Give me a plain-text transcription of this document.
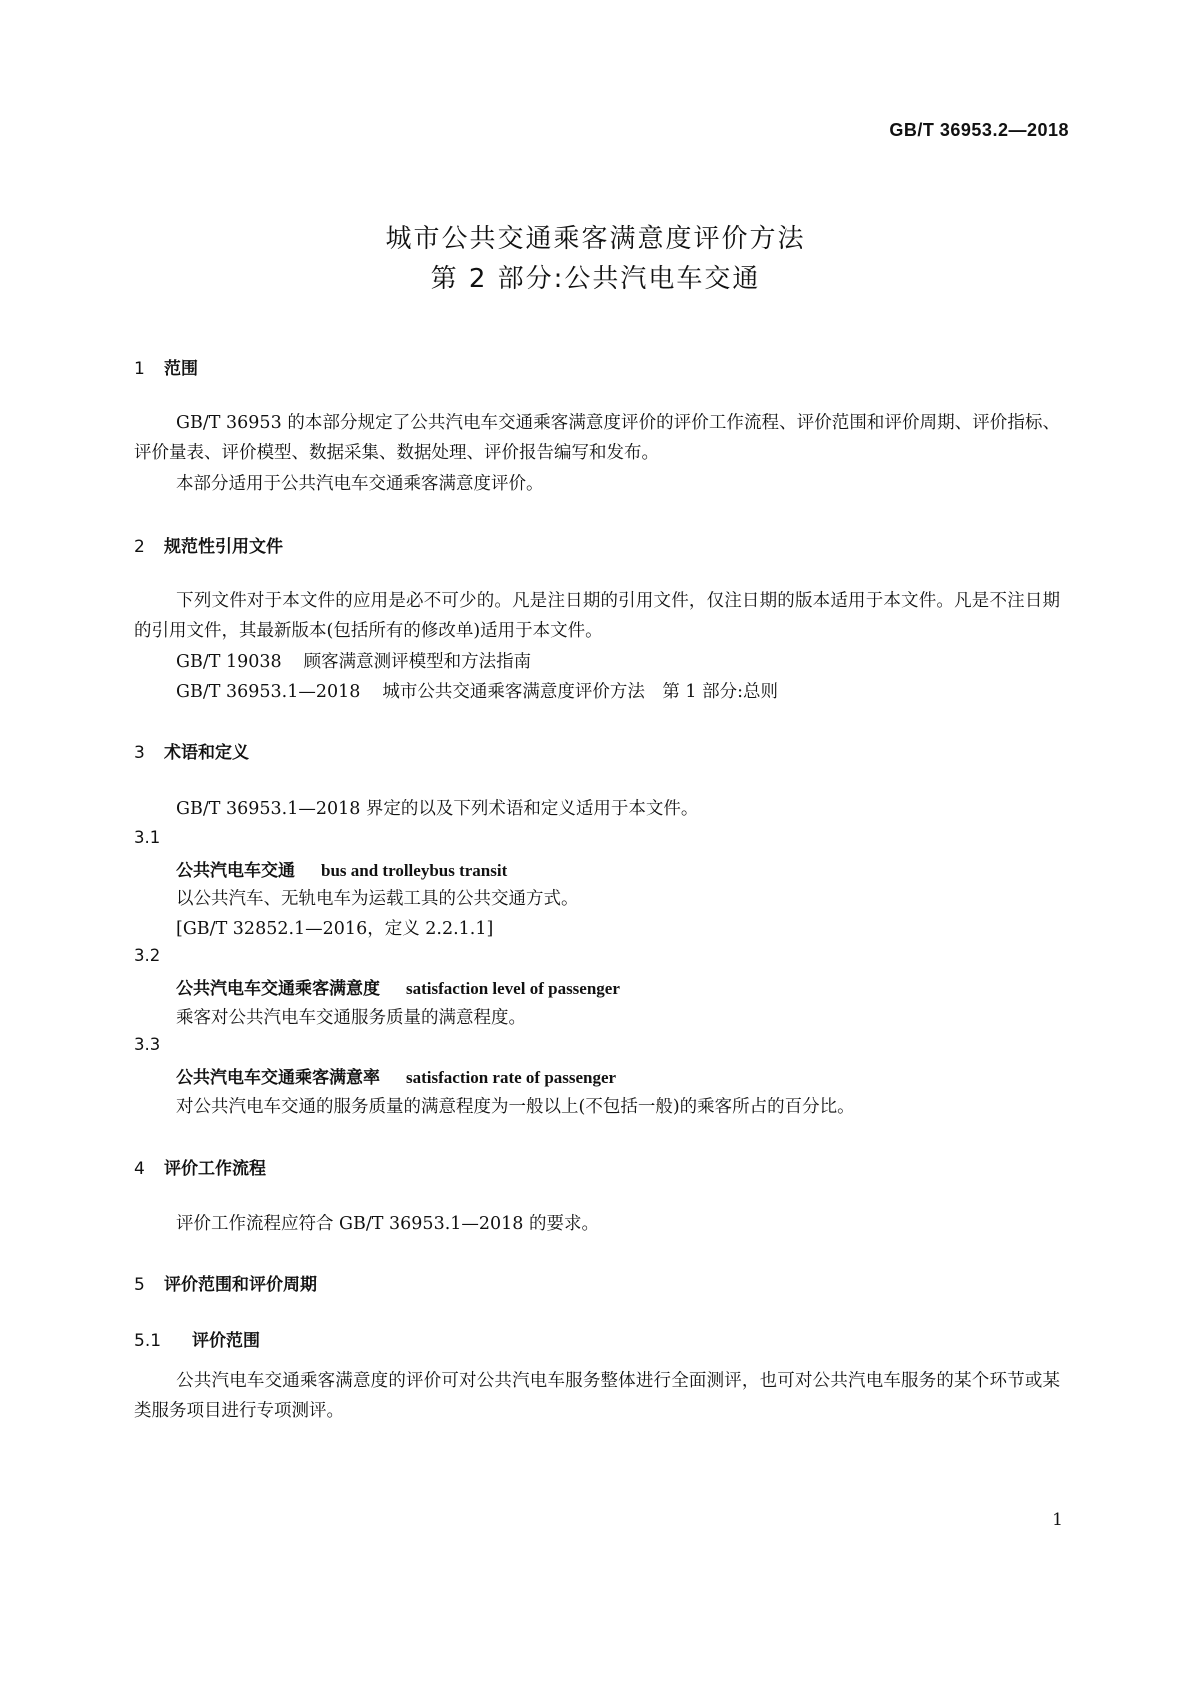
GB/T 36953.2—2018
城市公共交通乘客满意度评价方法
第 2 部分:公共汽电车交通
1 范围
GB/T 36953 的本部分规定了公共汽电车交通乘客满意度评价的评价工作流程、评价范围和评价周期、评价指标、评价量表、评价模型、数据采集、数据处理、评价报告编写和发布。
本部分适用于公共汽电车交通乘客满意度评价。
2 规范性引用文件
下列文件对于本文件的应用是必不可少的。凡是注日期的引用文件，仅注日期的版本适用于本文件。凡是不注日期的引用文件，其最新版本(包括所有的修改单)适用于本文件。
GB/T 19038 顾客满意测评模型和方法指南
GB/T 36953.1—2018 城市公共交通乘客满意度评价方法　第 1 部分:总则
3 术语和定义
GB/T 36953.1—2018 界定的以及下列术语和定义适用于本文件。
3.1
公共汽电车交通 bus and trolleybus transit
以公共汽车、无轨电车为运载工具的公共交通方式。
[GB/T 32852.1—2016，定义 2.2.1.1]
3.2
公共汽电车交通乘客满意度 satisfaction level of passenger
乘客对公共汽电车交通服务质量的满意程度。
3.3
公共汽电车交通乘客满意率 satisfaction rate of passenger
对公共汽电车交通的服务质量的满意程度为一般以上(不包括一般)的乘客所占的百分比。
4 评价工作流程
评价工作流程应符合 GB/T 36953.1—2018 的要求。
5 评价范围和评价周期
5.1 评价范围
公共汽电车交通乘客满意度的评价可对公共汽电车服务整体进行全面测评，也可对公共汽电车服务的某个环节或某类服务项目进行专项测评。
1
